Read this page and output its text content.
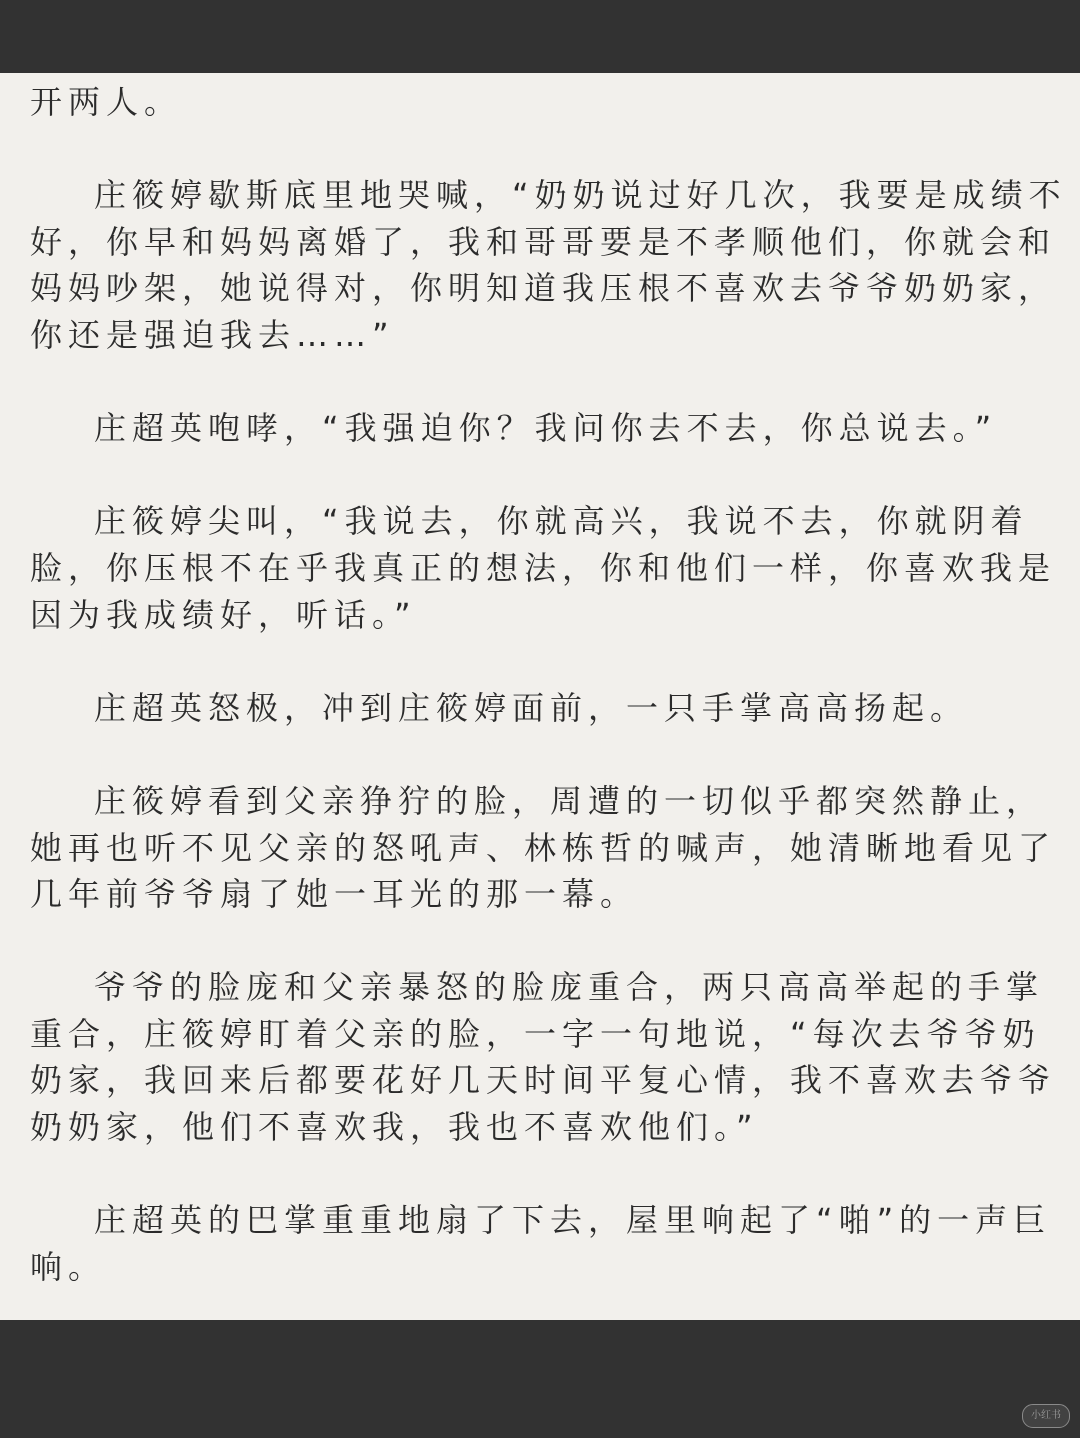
开两人。

庄筱婷歇斯底里地哭喊，“奶奶说过好几次，我要是成绩不好，你早和妈妈离婚了，我和哥哥要是不孝顺他们，你就会和妈妈吵架，她说得对，你明知道我压根不喜欢去爷爷奶奶家，你还是强迫我去……”

庄超英咆哮，“我强迫你？我问你去不去，你总说去。”

庄筱婷尖叫，“我说去，你就高兴，我说不去，你就阴着脸，你压根不在乎我真正的想法，你和他们一样，你喜欢我是因为我成绩好，听话。”

庄超英怒极，冲到庄筱婷面前，一只手掌高高扬起。

庄筱婷看到父亲狰狞的脸，周遭的一切似乎都突然静止，她再也听不见父亲的怒吼声、林栋哲的喊声，她清晰地看见了几年前爷爷扇了她一耳光的那一幕。

爷爷的脸庞和父亲暴怒的脸庞重合，两只高高举起的手掌重合，庄筱婷盯着父亲的脸，一字一句地说，“每次去爷爷奶奶家，我回来后都要花好几天时间平复心情，我不喜欢去爷爷奶奶家，他们不喜欢我，我也不喜欢他们。”

庄超英的巴掌重重地扇了下去，屋里响起了“啪”的一声巨响。

小红书
